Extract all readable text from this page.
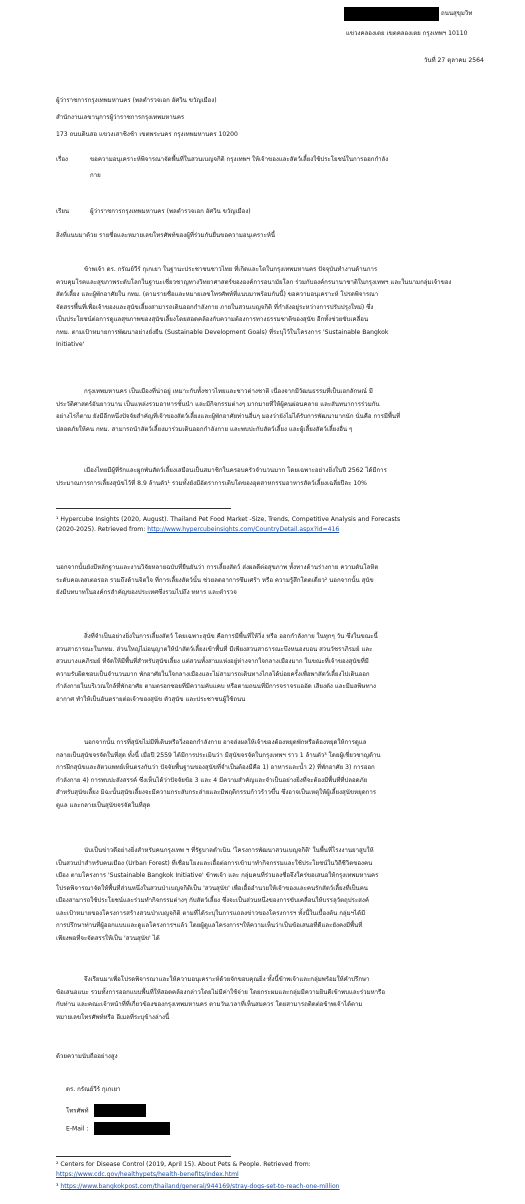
ถนนสุขุมวิท
แขวงคลองเตย เขตคลองเตย กรุงเทพฯ 10110
วันที่ 27 ตุลาคม 2564
ผู้ว่าราชการกรุงเทพมหานคร (พลตำรวจเอก อัศวิน ขวัญเมือง)
สำนักงานเลขานุการผู้ว่าราชการกรุงเทพมหานคร
173 ถนนดินสอ แขวงเสาชิงช้า เขตพระนคร กรุงเทพมหานคร 10200
เรื่อง	ขอความอนุเคราะห์พิจารณาจัดพื้นที่ในสวนเบญจกิติ กรุงเทพฯ ให้เจ้าของและสัตว์เลี้ยงใช้ประโยชน์ในการออกกำลัง
กาย
เรียน	ผู้ว่าราชการกรุงเทพมหานคร (พลตำรวจเอก อัศวิน ขวัญเมือง)
สิ่งที่แนบมาด้วย รายชื่อและหมายเลขโทรศัพท์ของผู้ที่ร่วมกันยื่นขอความอนุเคราะห์นี้
ข้าพเจ้า ดร. กรัณย์วีร์ กุเกเยา ในฐานะประชาชนชาวไทย ที่เกิดและโตในกรุงเทพมหานคร ปัจจุบันทำงานด้านการ
ควบคุมโรคและสุขภาพระดับโลกในฐานะเชี่ยวชาญทางวิทยาศาสตร์ขององค์การอนามัยโลก ร่วมกับองค์กรนานาชาติในกรุงเทพฯ และในนามกลุ่มเจ้าของ
สัตว์เลี้ยง และผู้พักอาศัยใน กทม. (ตามรายชื่อและหมายเลขโทรศัพท์ที่แนบมาพร้อมกันนี้) ขอความอนุเคราะห์ โปรดพิจารณา
จัดสรรพื้นที่เพื่อเจ้าของและสุนัขเลี้ยงสามารถเดินออกกำลังกาย ภายในสวนเบญจกิติ ที่กำลังอยู่ระหว่างการปรับปรุงใหม่) ซึ่ง
เป็นประโยชน์ต่อการดูแลสุขภาพของสุนัขเลี้ยงโดยสอดคล้องกับความต้องการทางธรรมชาติของสุนัข อีกทั้งช่วยขับเคลื่อน
กทม. ตามเป้าหมายการพัฒนาอย่างยั่งยืน (Sustainable Development Goals) ที่ระบุไว้ในโครงการ 'Sustainable Bangkok
Initiative'
กรุงเทพมหานคร เป็นเมืองที่น่าอยู่ เหมาะกับทั้งชาวไทยและชาวต่างชาติ เนื่องจากมีวัฒนธรรมที่เป็นเอกลักษณ์ มี
ประวัติศาสตร์อันยาวนาน เป็นแหล่งรวมอาหารชั้นนำ และมีกิจกรรมต่างๆ มากมายที่ให้ผู้คนผ่อนคลาย และสันทนาการร่วมกัน
อย่างไรก็ตาม ยังมีอีกหนึ่งปัจจัยสำคัญที่เจ้าของสัตว์เลี้ยงและผู้พักอาศัยท่านอื่นๆ มองว่ายังไม่ได้รับการพัฒนามากนัก นั่นคือ การมีพื้นที่
ปลอดภัยให้คน กทม. สามารถนำสัตว์เลี้ยงมาร่วมเดินออกกำลังกาย และพบปะกับสัตว์เลี้ยง และผู้เลี้ยงสัตว์เลี้ยงอื่น ๆ
เมืองไทยมีผู้ที่รักและผูกพันสัตว์เลี้ยงเสมือนเป็นสมาชิกในครอบครัวจำนวนมาก โดยเฉพาะอย่างยิ่งในปี 2562 ได้มีการ
ประมาณการการเลี้ยงสุนัขไว้ที่ 8.9 ล้านตัว¹ รวมทั้งยังมีอัตราการเติบโตของอุตสาหกรรมอาหารสัตว์เลี้ยงเฉลี่ยปีละ 10%
¹ Hypercube Insights (2020, August). Thailand Pet Food Market -Size, Trends, Competitive Analysis and Forecasts
(2020-2025). Retrieved from: http://www.hypercubeinsights.com/CountryDetail.aspx?id=416
นอกจากนั้นยังมีหลักฐานและงานวิจัยหลายฉบับที่ยืนยันว่า การเลี้ยงสัตว์ ส่งผลดีต่อสุขภาพ ทั้งทางด้านร่างกาย ความดันโลหิต
ระดับคอเลสเตอรอล รวมถึงด้านจิตใจ ที่การเลี้ยงสัตว์นั้น ช่วยลดอาการซึมเศร้า หรือ ความรู้สึกโดดเดี่ยว² นอกจากนั้น สุนัข
ยังมีบทบาทในองค์กรสำคัญของประเทศซึ่งรวมไปถึง ทหาร และตำรวจ
สิ่งที่จำเป็นอย่างยิ่งในการเลี้ยงสัตว์ โดยเฉพาะสุนัข คือการมีพื้นที่ให้วิ่ง หรือ ออกกำลังกาย ในทุกๆ วัน ซึ่งในขณะนี้
สวนสาธารณะในกทม. ส่วนใหญ่ไม่อนุญาตให้นำสัตว์เลี้ยงเข้าพื้นที่ มีเพียงสวนสาธารณะบึงหนองบอน สวนวัชราภิรมย์ และ
สวนบางแคภิรมย์ ที่จัดให้มีพื้นที่สำหรับสุนัขเลี้ยง แต่สวนทั้งสามแห่งอยู่ห่างจากใจกลางเมืองมาก ในขณะที่เจ้าของสุนัขที่มี
ความรับผิดชอบเป็นจำนวนมาก พักอาศัยในใจกลางเมืองและไม่สามารถเดินทางไกลได้บ่อยครั้งเพื่อพาสัตว์เลี้ยงไปเดินออก
กำลังกายในบริเวณใกล้ที่พักอาศัย ตามตรอกซอยที่มีความคับแคบ หรือตามถนนที่มีการจราจรแออัด เสียงดัง และมีมลพิษทาง
อากาศ ทำให้เป็นอันตรายต่อเจ้าของสุนัข ตัวสุนัข และประชาชนผู้ใช้ถนน
นอกจากนั้น การที่สุนัขไม่มีที่เดินหรือวิ่งออกกำลังกาย อาจส่งผลให้เจ้าของต้องหยุดพักหรือต้องหยุดให้การดูแล
กลายเป็นสุนัขจรจัดในที่สุด ทั้งนี้ เมื่อปี 2559 ได้มีการประเมินว่า มีสุนัขจรจัดในกรุงเทพฯ ราว 1 ล้านตัว³ โดยผู้เชี่ยวชาญด้าน
การฝึกสุนัขและสัตวแพทย์เห็นตรงกันว่า ปัจจัยพื้นฐานของสุนัขที่จำเป็นต้องมีคือ 1) อาหารและน้ำ 2) ที่พักอาศัย 3) การออก
กำลังกาย 4) การพบปะสังสรรค์ ซึ่งเห็นได้ว่าปัจจัยข้อ 3 และ 4 มีความสำคัญและจำเป็นอย่างยิ่งที่จะต้องมีพื้นที่ที่ปลอดภัย
สำหรับสุนัขเลี้ยง มิฉะนั้นสุนัขเลี้ยงจะมีความกระสับกระส่ายและมีพฤติกรรมก้าวร้าวขึ้น ซึ่งอาจเป็นเหตุให้ผู้เลี้ยงสุนัขหยุดการ
ดูแล และกลายเป็นสุนัขจรจัดในที่สุด
นับเป็นข่าวดีอย่างยิ่งสำหรับคนกรุงเทพ ฯ ที่รัฐบาลดำเนิน 'โครงการพัฒนาสวนเบญจกิติ' ในพื้นที่โรงงานยาสูบให้
เป็นสวนป่าสำหรับคนเมือง (Urban Forest) ที่เชื่อมโยงและเอื้อต่อการเข้ามาทำกิจกรรมและใช้ประโยชน์ในวิถีชีวิตของคน
เมือง ตามโครงการ 'Sustainable Bangkok Initiative' ข้าพเจ้า และ กลุ่มคนที่ร่วมลงชื่อจึงใคร่ขอเสนอให้กรุงเทพมหานคร
โปรดพิจารณาจัดให้พื้นที่ส่วนหนึ่งในสวนป่าเบญจกิติเป็น 'สวนสุนัข' เพื่อเอื้ออำนวยให้เจ้าของและคนรักสัตว์เลี้ยงที่เป็นคน
เมืองสามารถใช้ประโยชน์และร่วมทำกิจกรรมต่างๆ กับสัตว์เลี้ยง ซึ่งจะเป็นส่วนหนึ่งของการขับเคลื่อนให้บรรลุวัตถุประสงค์
และเป้าหมายของโครงการสร้างสวนป่าเบญจกิติ ตามที่ได้ระบุในการแถลงข่าวของโครงการฯ ทั้งนี้ในเบื้องต้น กลุ่มฯได้มี
การปรึกษาท่านที่ผู้ออกแบบและดูแลโครงการฯแล้ว โดยผู้ดูแลโครงการฯให้ความเห็นว่าเป็นข้อเสนอที่ดีและยังคงมีพื้นที่
เพียงพอที่จะจัดสรรให้เป็น 'สวนสุนัข' ได้
จึงเรียนมาเพื่อโปรดพิจารณาและให้ความอนุเคราะห์ด้วยจักขอบคุณยิ่ง ทั้งนี้ข้าพเจ้าและกลุ่มพร้อมให้คำปรึกษา
ข้อเสนอแนะ รวมทั้งการออกแบบพื้นที่ให้สอดคล้องกล่าวโดยไม่มีค่าใช้จ่าย โดยกระผมและกลุ่มมีความยินดีเข้าพบและร่วมหารือ
กับท่าน และคณะเจ้าหน้าที่ที่เกี่ยวข้องของกรุงเทพมหานคร ตามวันเวลาที่เห็นสมควร โดยสามารถติดต่อข้าพเจ้าได้ตาม
หมายเลขโทรศัพท์หรือ อีเมลที่ระบุข้างล่างนี้
ด้วยความนับถืออย่างสูง
ดร. กรัณย์วีร์ กุเกเยา
โทรศัพท์
E-Mail :
² Centers for Disease Control (2019, April 15). About Pets & People. Retrieved from:
https://www.cdc.gov/healthypets/health-benefits/index.html
³ https://www.bangkokpost.com/thailand/general/944169/stray-dogs-set-to-reach-one-million
